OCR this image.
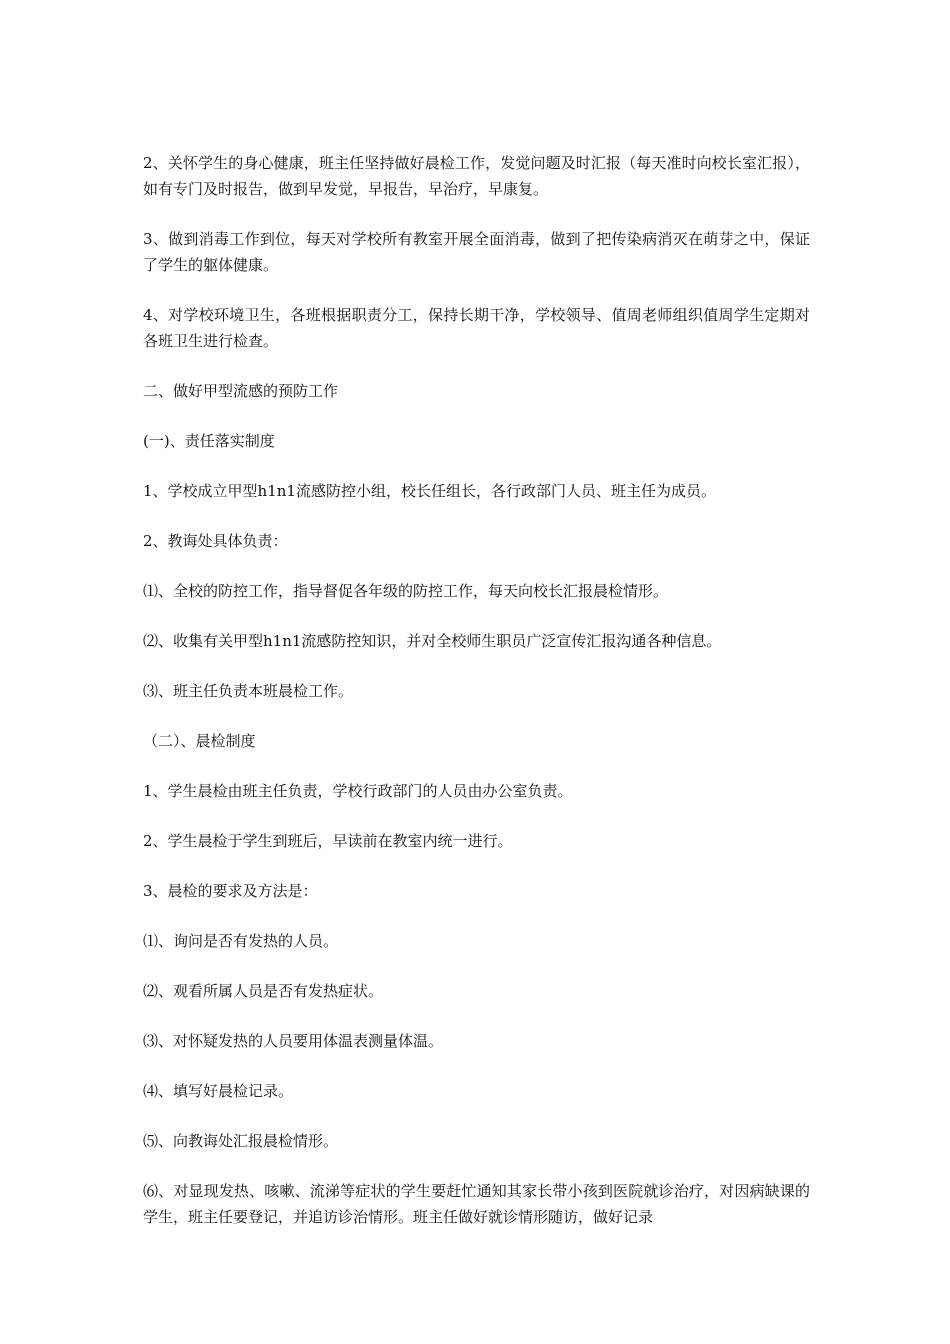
2、关怀学生的身心健康，班主任坚持做好晨检工作，发觉问题及时汇报（每天准时向校长室汇报），如有专门及时报告，做到早发觉，早报告，早治疗，早康复。

3、做到消毒工作到位，每天对学校所有教室开展全面消毒，做到了把传染病消灭在萌芽之中，保证了学生的躯体健康。

4、对学校环境卫生，各班根据职责分工，保持长期干净，学校领导、值周老师组织值周学生定期对各班卫生进行检查。

二、做好甲型流感的预防工作

(一)、责任落实制度

1、学校成立甲型h1n1流感防控小组，校长任组长，各行政部门人员、班主任为成员。

2、教诲处具体负责：

⑴、全校的防控工作，指导督促各年级的防控工作，每天向校长汇报晨检情形。

⑵、收集有关甲型h1n1流感防控知识，并对全校师生职员广泛宣传汇报沟通各种信息。

⑶、班主任负责本班晨检工作。

（二）、晨检制度

1、学生晨检由班主任负责，学校行政部门的人员由办公室负责。

2、学生晨检于学生到班后，早读前在教室内统一进行。

3、晨检的要求及方法是：

⑴、询问是否有发热的人员。

⑵、观看所属人员是否有发热症状。

⑶、对怀疑发热的人员要用体温表测量体温。

⑷、填写好晨检记录。

⑸、向教诲处汇报晨检情形。

⑹、对显现发热、咳嗽、流涕等症状的学生要赶忙通知其家长带小孩到医院就诊治疗，对因病缺课的学生，班主任要登记，并追访诊治情形。班主任做好就诊情形随访，做好记录
